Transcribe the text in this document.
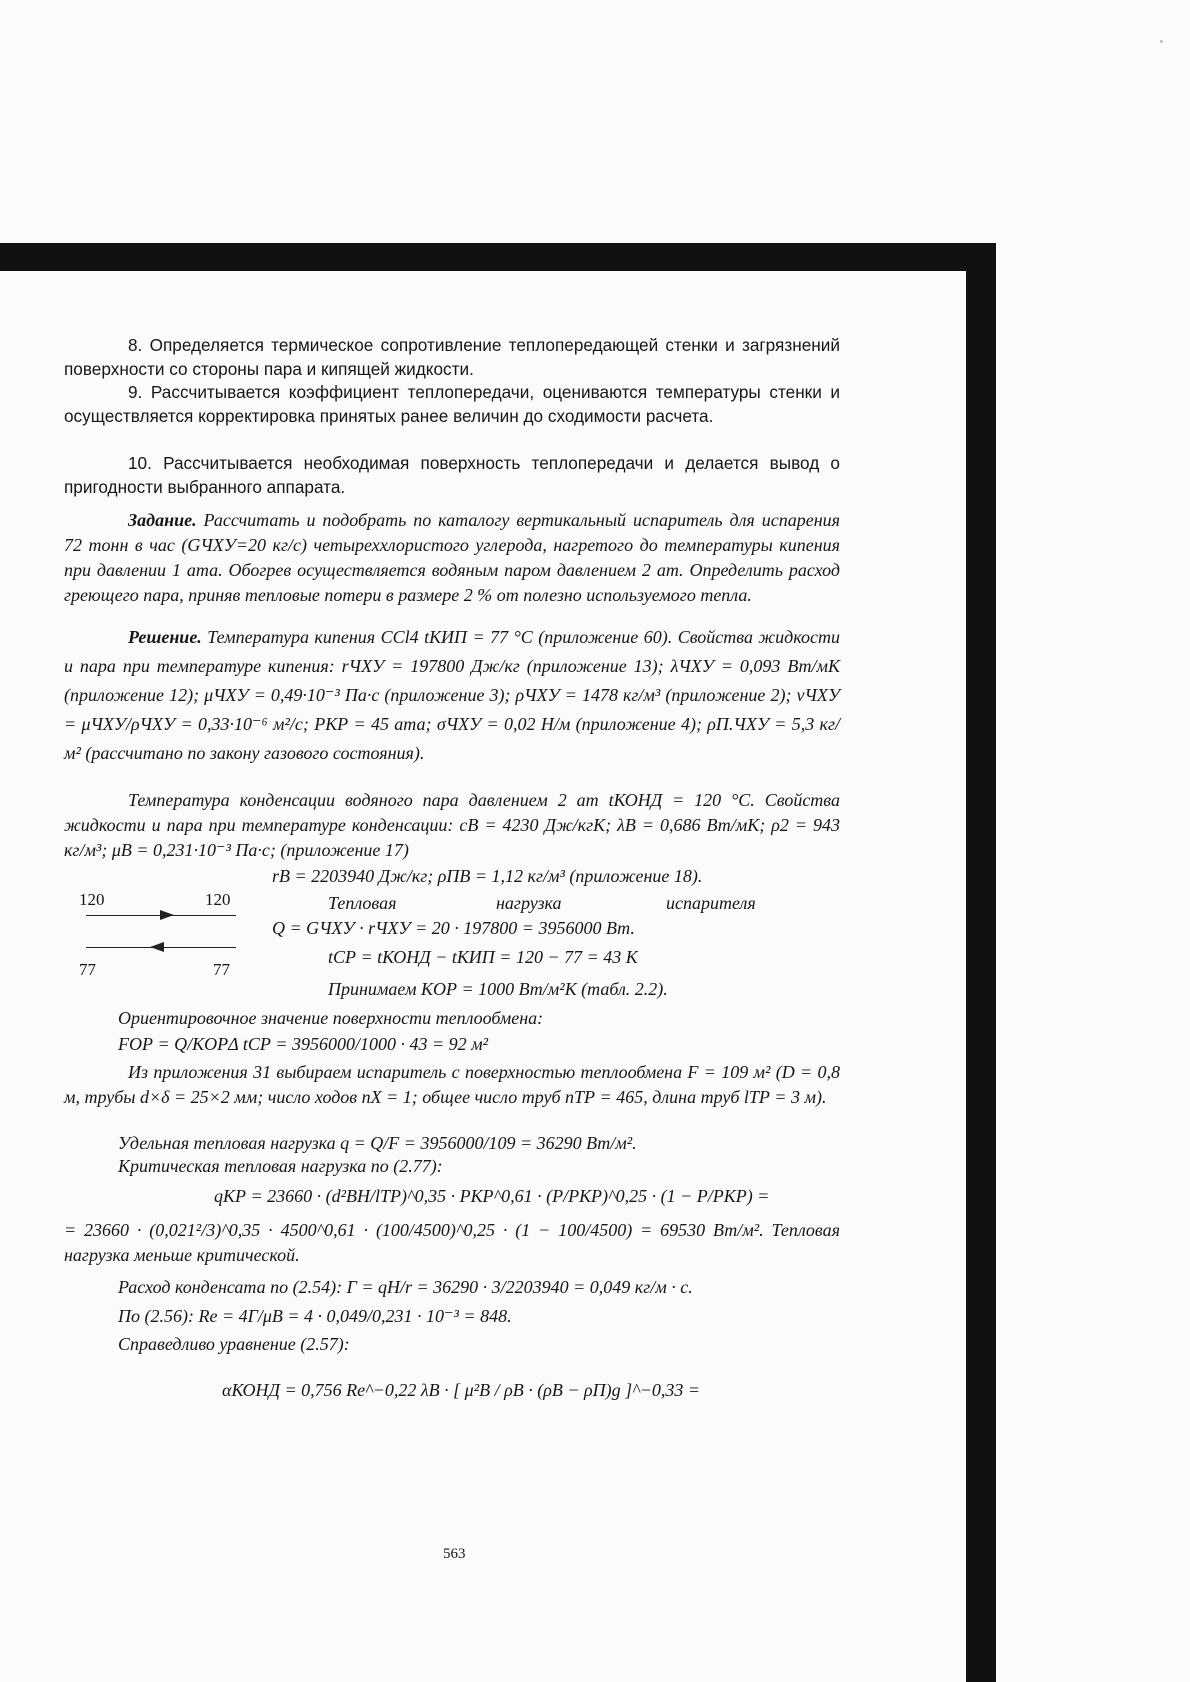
8. Определяется термическое сопротивление теплопередающей стенки и загрязнений поверхности со стороны пара и кипящей жидкости.
9. Рассчитывается коэффициент теплопередачи, оцениваются температуры стенки и осуществляется корректировка принятых ранее величин до сходимости расчета.
10. Рассчитывается необходимая поверхность теплопередачи и делается вывод о пригодности выбранного аппарата.
Задание. Рассчитать и подобрать по каталогу вертикальный испаритель для испарения 72 тонн в час (GЧХУ=20 кг/с) четыреххлористого углерода, нагретого до температуры кипения при давлении 1 ата. Обогрев осуществляется водяным паром давлением 2 ат. Определить расход греющего пара, приняв тепловые потери в размере 2 % от полезно используемого тепла.
Решение. Температура кипения CCl4 tКИП = 77 °C (приложение 60). Свойства жидкости и пара при температуре кипения: rЧХУ = 197800 Дж/кг (приложение 13); λЧХУ = 0,093 Вт/мК (приложение 12); μЧХУ = 0,49·10⁻³ Па·с (приложение 3); ρЧХУ = 1478 кг/м³ (приложение 2); νЧХУ = μЧХУ/ρЧХУ = 0,33·10⁻⁶ м²/с; PКР = 45 ата; σЧХУ = 0,02 Н/м (приложение 4); ρП.ЧХУ = 5,3 кг/м² (рассчитано по закону газового состояния).
Температура конденсации водяного пара давлением 2 ат tКОНД = 120 °С. Свойства жидкости и пара при температуре конденсации: cВ = 4230 Дж/кгК; λВ = 0,686 Вт/мК; ρ2 = 943 кг/м³; μВ = 0,231·10⁻³ Па·с; (приложение 17)
rВ = 2203940 Дж/кг; ρПВ = 1,12 кг/м³ (приложение 18).
120	120
77	77
Тепловая	нагрузка	испарителя
Q = GЧХУ · rЧХУ = 20 · 197800 = 3956000 Вт.
tСР = tКОНД − tКИП = 120 − 77 = 43 К
Принимаем KОР = 1000 Вт/м²К (табл. 2.2).
Ориентировочное значение поверхности теплообмена:
FОР = Q/KОРΔ tСР = 3956000/1000 · 43 = 92 м²
Из приложения 31 выбираем испаритель с поверхностью теплообмена F = 109 м² (D = 0,8 м, трубы d×δ = 25×2 мм; число ходов nХ = 1; общее число труб nТР = 465, длина труб lТР = 3 м).
Удельная тепловая нагрузка q = Q/F = 3956000/109 = 36290 Вт/м².
Критическая тепловая нагрузка по (2.77):
qКР = 23660 · (d²ВН/lТР)^0,35 · PКР^0,61 · (P/PКР)^0,25 · (1 − P/PКР) =
= 23660 · (0,021²/3)^0,35 · 4500^0,61 · (100/4500)^0,25 · (1 − 100/4500) = 69530 Вт/м². Тепловая нагрузка меньше критической.
Расход конденсата по (2.54): Г = qH/r = 36290 · 3/2203940 = 0,049 кг/м · с.
По (2.56): Re = 4Г/μВ = 4 · 0,049/0,231 · 10⁻³ = 848.
Справедливо уравнение (2.57):
αКОНД = 0,756 Re^−0,22 λВ · [ μ²В / ρВ · (ρВ − ρП)g ]^−0,33 =
563
